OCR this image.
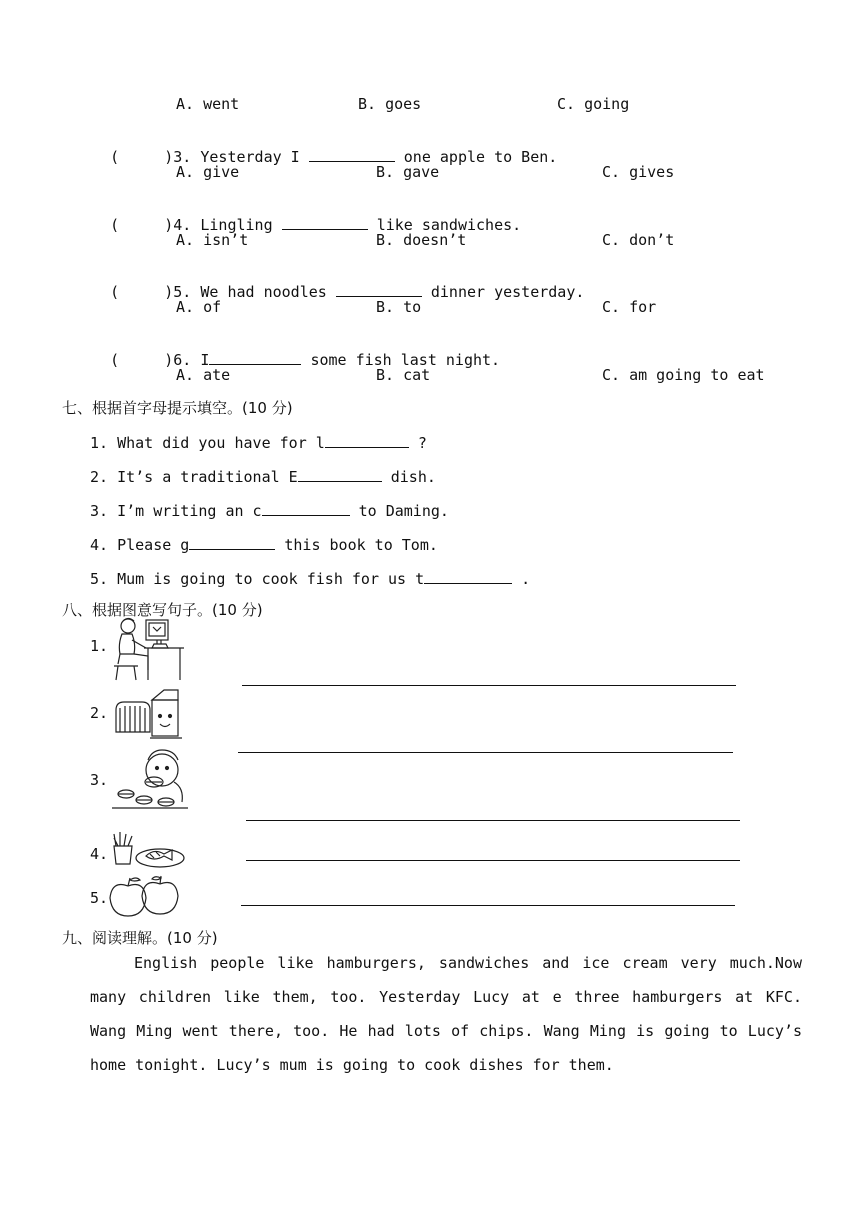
A. went	B. goes	C. going

(     )3. Yesterday I	one apple to Ben.

A. give	B. gave	C. gives

(     )4. Lingling	like sandwiches.

A. isn’t	B. doesn’t	C. don’t

(     )5. We had noodles	dinner yesterday.

A. of	B. to	C. for

(     )6. I	some fish last night.

A. ate	B. cat	C. am going to eat
七、根据首字母提示填空。(10 分)
1. What did you have for l	?
2. It’s a traditional E	dish.
3. I’m writing an c	to Daming.
4. Please g	this book to Tom.
5. Mum is going to cook fish for us t	.
八、根据图意写句子。(10 分)
1.
2.
3.
4.
5.
九、阅读理解。(10 分)

English people like hamburgers, sandwiches and ice cream very much.Now many children like them, too. Yesterday Lucy at e three hamburgers at KFC. Wang Ming went there, too. He had lots of chips. Wang Ming is going to Lucy’s home tonight. Lucy’s mum is going to cook dishes for them.
